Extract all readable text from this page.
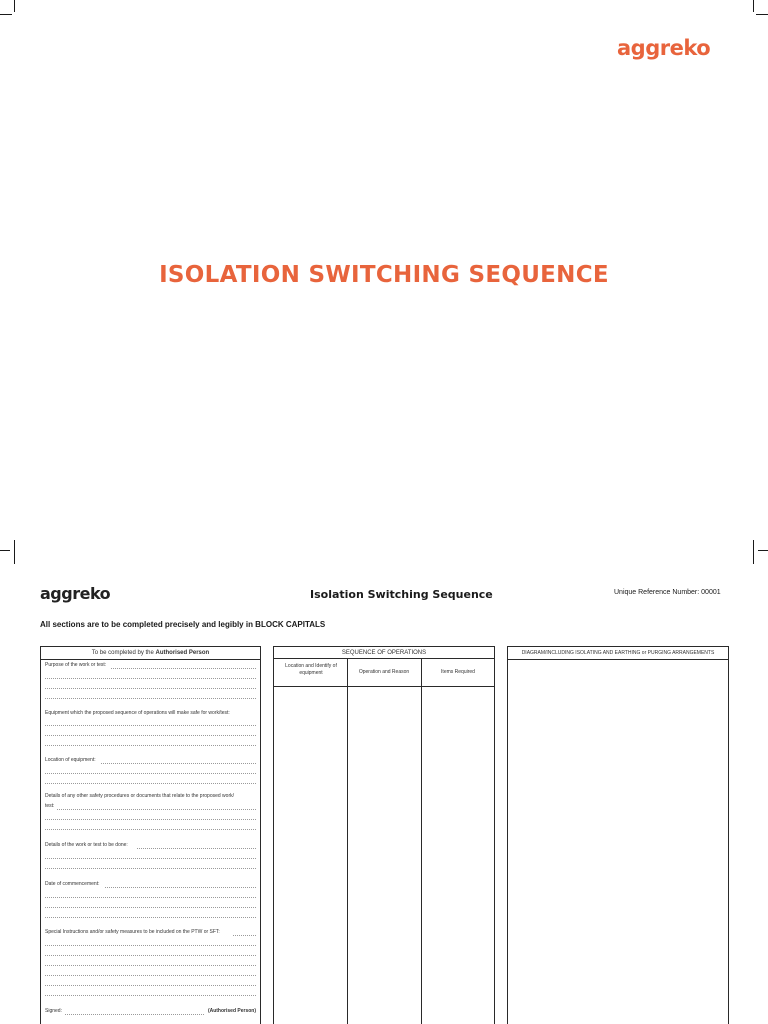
aggreko
ISOLATION SWITCHING SEQUENCE
aggreko	Isolation Switching Sequence	Unique Reference Number: 00001
All sections are to be completed precisely and legibly in BLOCK CAPITALS
To be completed by the Authorised Person
Purpose of the work or test:
Equipment which the proposed sequence of operations will make safe for work/test:
Location of equipment:
Details of any other safety procedures or documents that relate to the proposed work/
test:
Details of the work or test to be done:
Date of commencement:
Special Instructions and/or safety measures to be included on the PTW or SFT:
Signed:	(Authorised Person)
SEQUENCE OF OPERATIONS
Location and Identify of equipment	Operation and Reason	Items Required
DIAGRAM/INCLUDING ISOLATING AND EARTHING or PURGING ARRANGEMENTS
